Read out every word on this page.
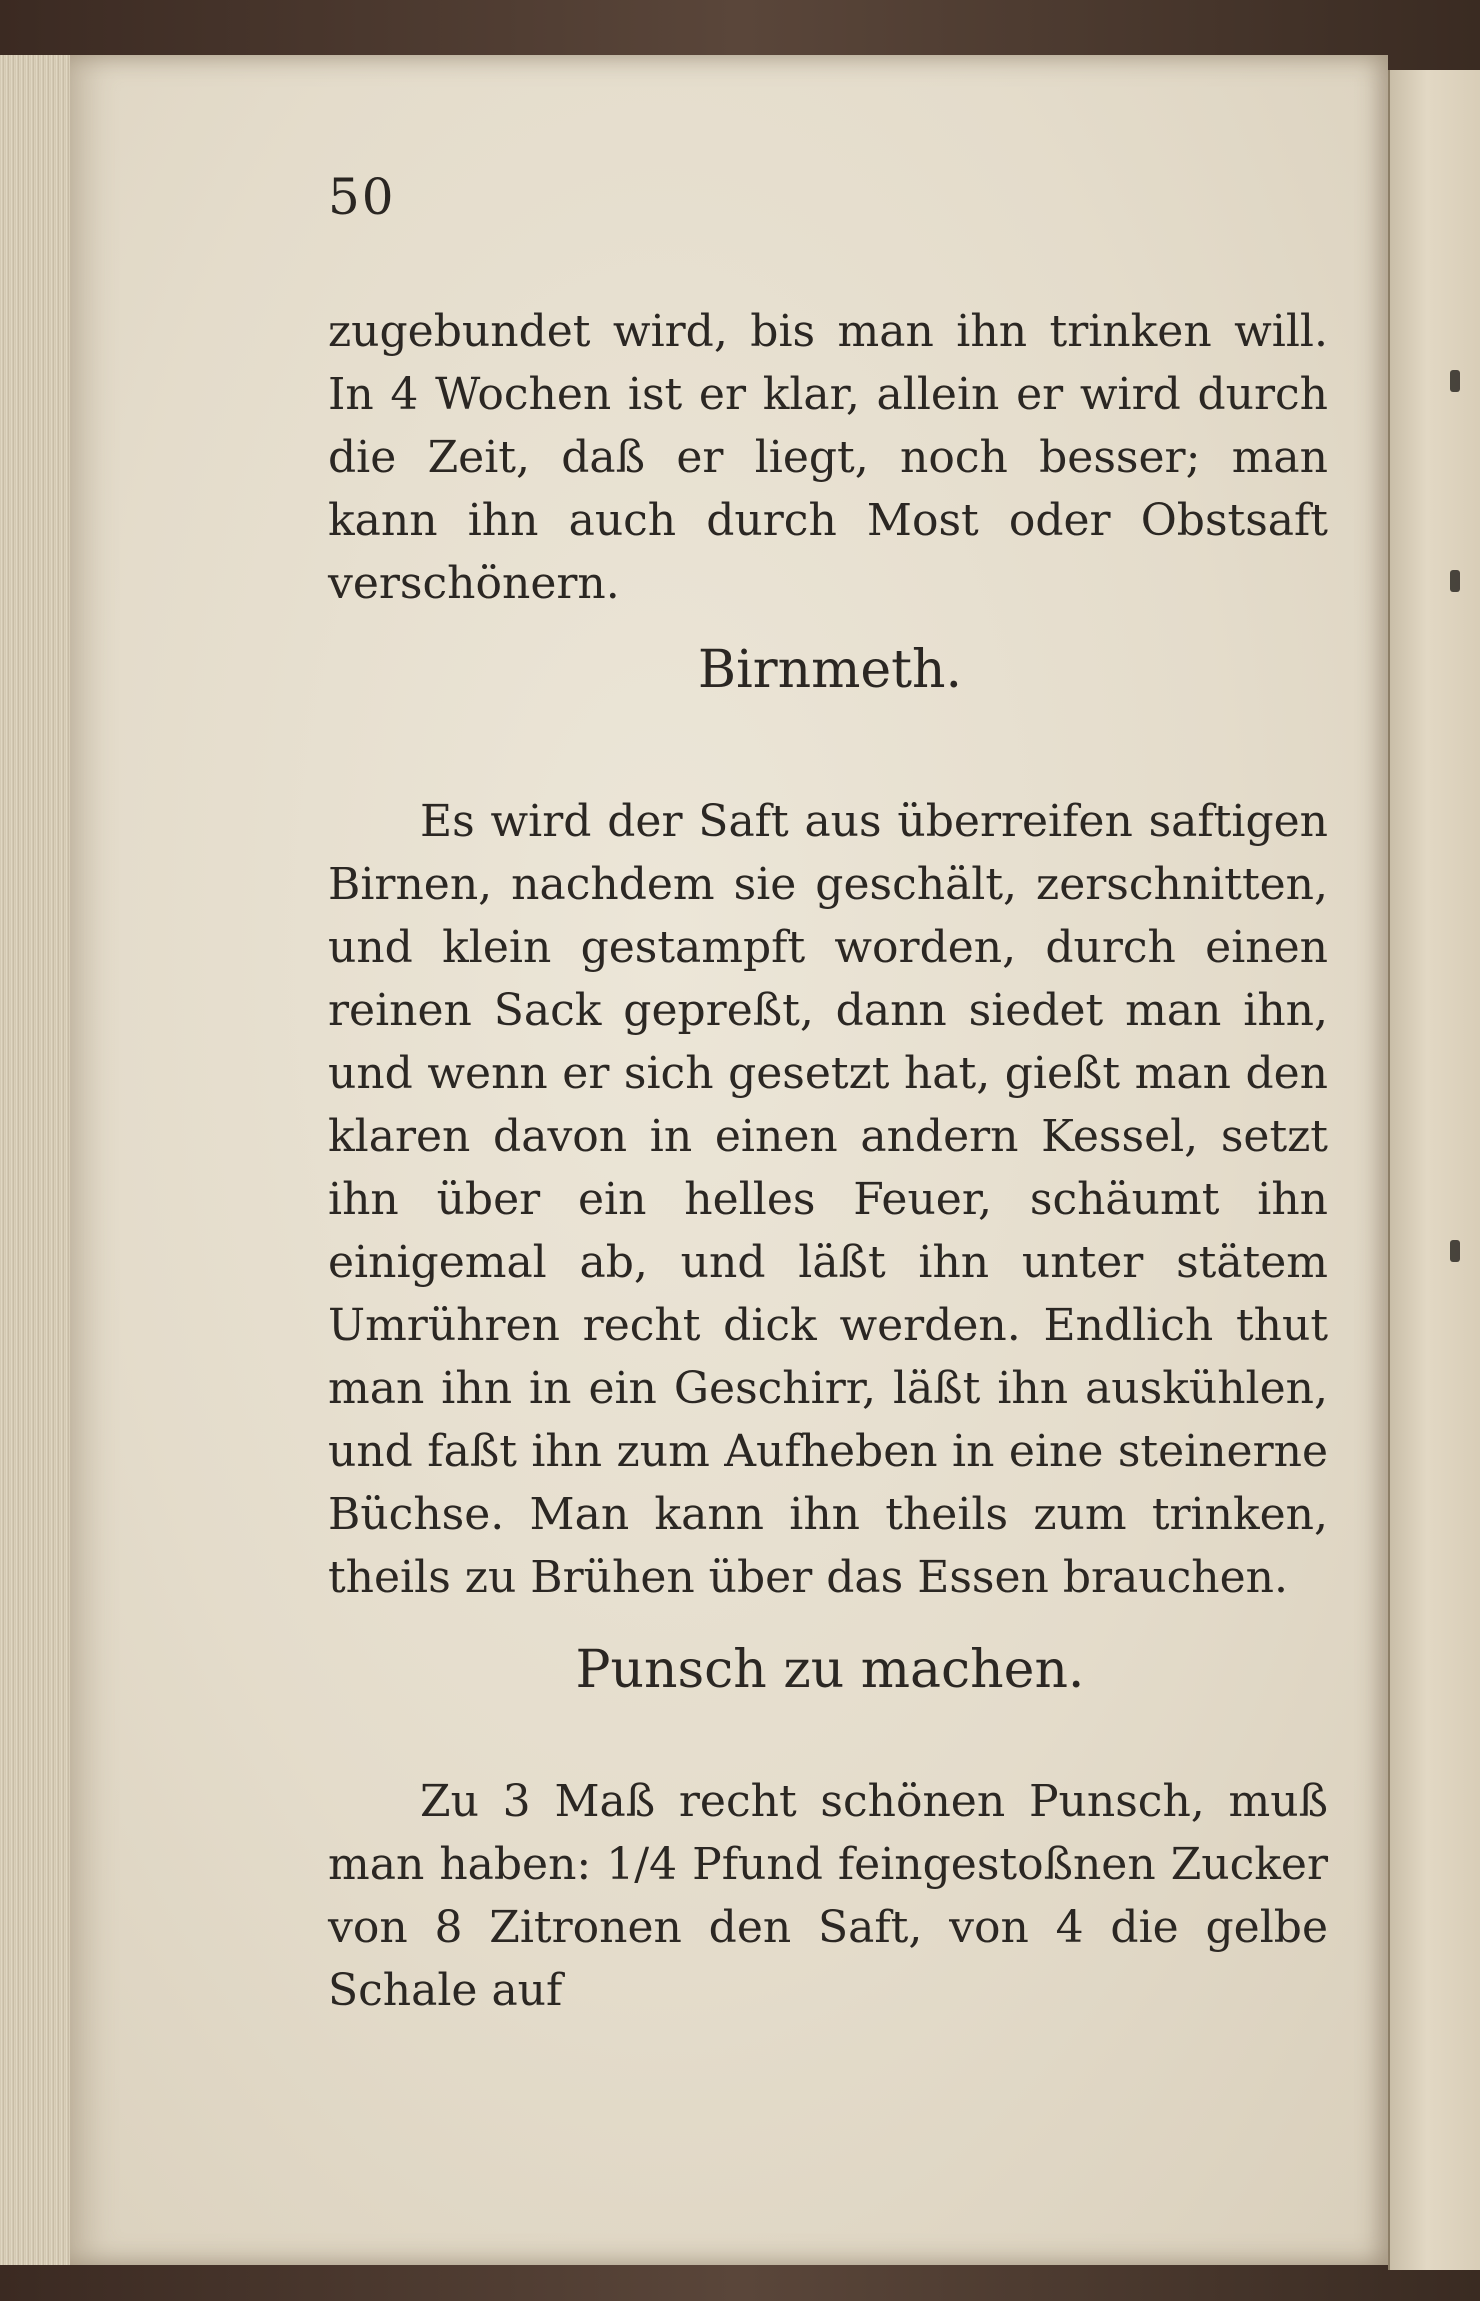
50

zugebundet wird, bis man ihn trinken will. In 4 Wochen ist er klar, allein er wird durch die Zeit, daß er liegt, noch besser; man kann ihn auch durch Most oder Obstsaft verschönern.

Birnmeth.

Es wird der Saft aus überreifen saftigen Birnen, nachdem sie geschält, zerschnitten, und klein gestampft worden, durch einen reinen Sack gepreßt, dann siedet man ihn, und wenn er sich gesetzt hat, gießt man den klaren davon in einen andern Kessel, setzt ihn über ein helles Feuer, schäumt ihn einigemal ab, und läßt ihn unter stätem Umrühren recht dick werden. Endlich thut man ihn in ein Geschirr, läßt ihn auskühlen, und faßt ihn zum Aufheben in eine steinerne Büchse. Man kann ihn theils zum trinken, theils zu Brühen über das Essen brauchen.

Punsch zu machen.

Zu 3 Maß recht schönen Punsch, muß man haben: 1/4 Pfund feingestoßnen Zucker von 8 Zitronen den Saft, von 4 die gelbe Schale auf
